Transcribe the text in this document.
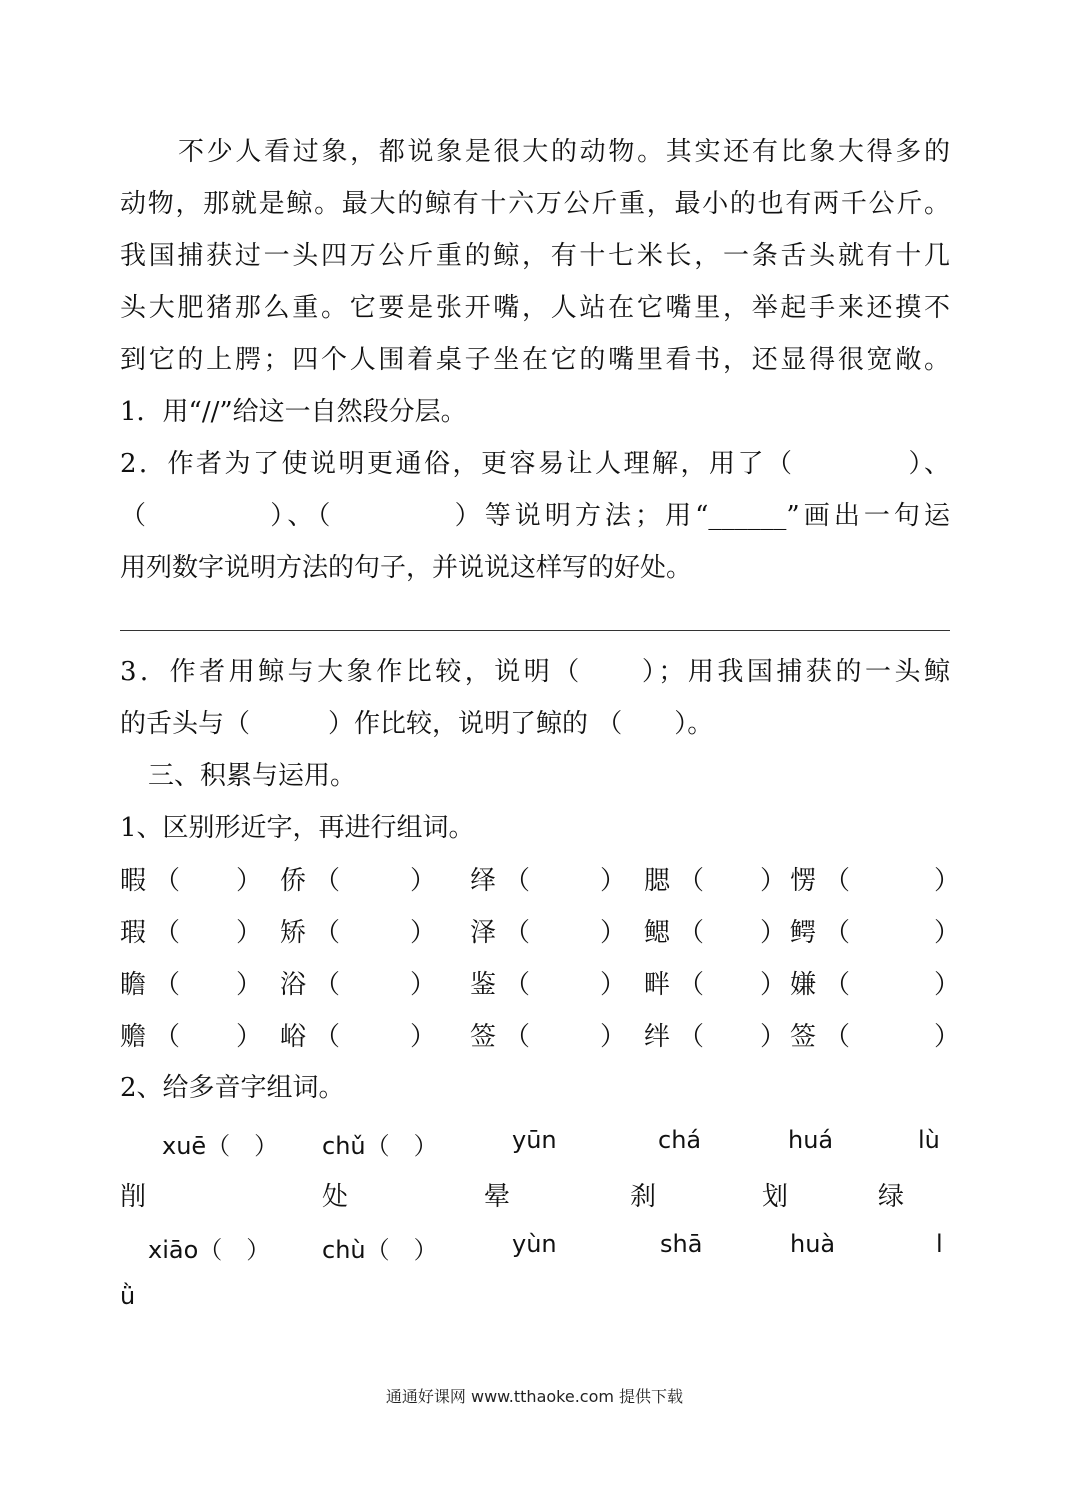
不少人看过象，都说象是很大的动物。其实还有比象大得多的
动物，那就是鲸。最大的鲸有十六万公斤重，最小的也有两千公斤。
我国捕获过一头四万公斤重的鲸，有十七米长，一条舌头就有十几
头大肥猪那么重。它要是张开嘴，人站在它嘴里，举起手来还摸不
到它的上腭；四个人围着桌子坐在它的嘴里看书，还显得很宽敞。
1．用“//”给这一自然段分层。
2．作者为了使说明更通俗，更容易让人理解，用了（　　　　）、
（　　　　）、（　　　　）等说明方法；用“______”画出一句运
用列数字说明方法的句子，并说说这样写的好处。
3．作者用鲸与大象作比较，说明（　　）；用我国捕获的一头鲸
的舌头与（　　　）作比较，说明了鲸的 （　　）。
三、积累与运用。
1、区别形近字，再进行组词。
暇 （ ） 侨 （	） 绎 （	） 腮 （ ） 愣 （	）
瑕 （ ） 矫 （	） 泽 （	） 鳃 （ ） 鳄 （	）
瞻 （ ） 浴 （	） 鉴 （	） 畔 （ ） 嫌 （	）
赡 （ ） 峪 （	） 签 （	） 绊 （ ） 签 （	）
2、给多音字组词。
xuē（　） chǔ（　）	yūn	chá	huá	lù
削	处	晕	刹	划	绿
xiāo（　） chù（　）	yùn	shā	huà	l
ǜ
通通好课网 www.tthaoke.com 提供下载
